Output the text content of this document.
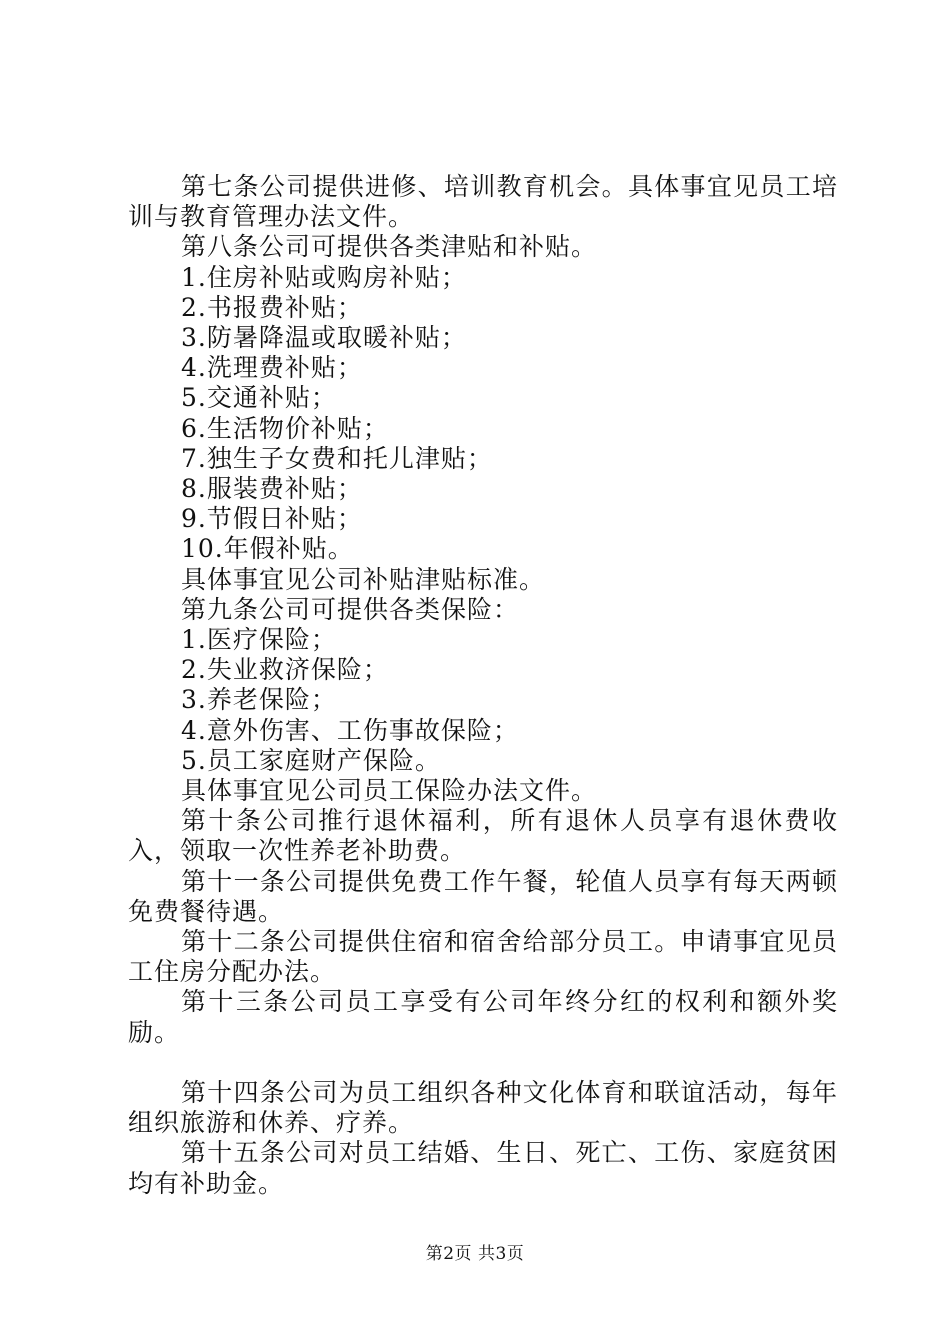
第七条公司提供进修、培训教育机会。具体事宜见员工培训与教育管理办法文件。

第八条公司可提供各类津贴和补贴。

1.住房补贴或购房补贴；

2.书报费补贴；

3.防暑降温或取暖补贴；

4.洗理费补贴；

5.交通补贴；

6.生活物价补贴；

7.独生子女费和托儿津贴；

8.服装费补贴；

9.节假日补贴；

10.年假补贴。

具体事宜见公司补贴津贴标准。

第九条公司可提供各类保险：

1.医疗保险；

2.失业救济保险；

3.养老保险；

4.意外伤害、工伤事故保险；

5.员工家庭财产保险。

具体事宜见公司员工保险办法文件。

第十条公司推行退休福利，所有退休人员享有退休费收入，领取一次性养老补助费。

第十一条公司提供免费工作午餐，轮值人员享有每天两顿免费餐待遇。

第十二条公司提供住宿和宿舍给部分员工。申请事宜见员工住房分配办法。

第十三条公司员工享受有公司年终分红的权利和额外奖励。

第十四条公司为员工组织各种文化体育和联谊活动，每年组织旅游和休养、疗养。

第十五条公司对员工结婚、生日、死亡、工伤、家庭贫困均有补助金。

第2页 共3页
